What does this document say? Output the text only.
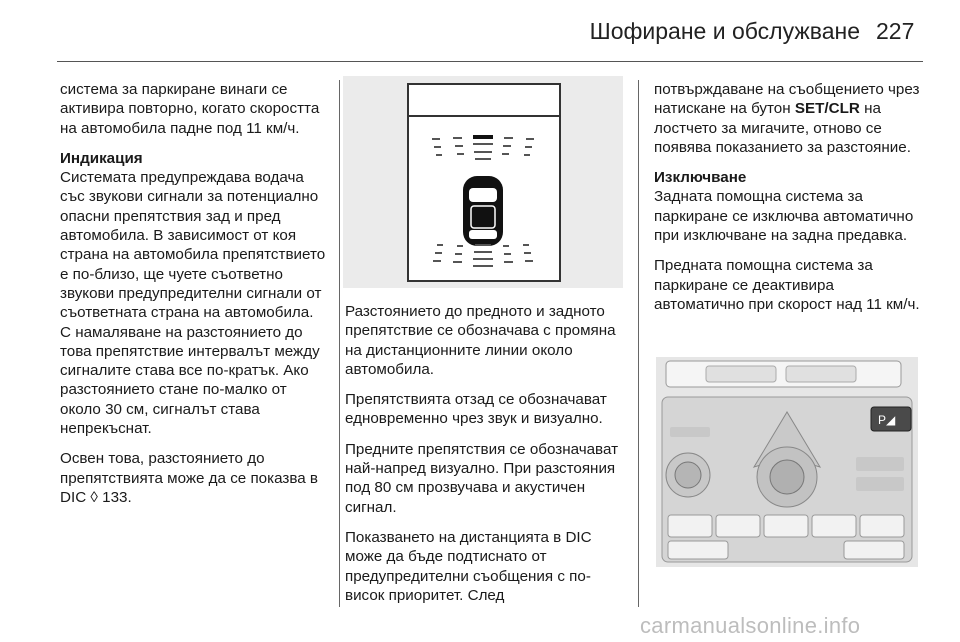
Шофиране и обслужване 227

система за паркиране винаги се активира повторно, когато скоростта на автомобила падне под 11 км/ч.

Индикация

Системата предупреждава водача със звукови сигнали за потенциално опасни препятствия зад и пред автомобила. В зависимост от коя страна на автомобила препятствието е по-близо, ще чуете съответно звукови предупредителни сигнали от съответната страна на автомобила. С намаляване на разстоянието до това препятствие интервалът между сигналите става все по-кратък. Ако разстоянието стане по-малко от около 30 см, сигналът става непрекъснат.

Освен това, разстоянието до препятствията може да се показва в DIC ◊ 133.

Разстоянието до предното и задното препятствие се обозначава с промяна на дистанционните линии около автомобила.

Препятствията отзад се обозначават едновременно чрез звук и визуално.

Предните препятствия се обозначават най-напред визуално. При разстояния под 80 см прозвучава и акустичен сигнал.

Показването на дистанцията в DIC може да бъде подтиснато от предупредителни съобщения с по-висок приоритет. След

потвърждаване на съобщението чрез натискане на бутон SET/CLR на лостчето за мигачите, отново се появява показанието за разстояние.

Изключване

Задната помощна система за паркиране се изключва автоматично при изключване на задна предавка.

Предната помощна система за паркиране се деактивира автоматично при скорост над 11 км/ч.

P◢
carmanualsonline.info
